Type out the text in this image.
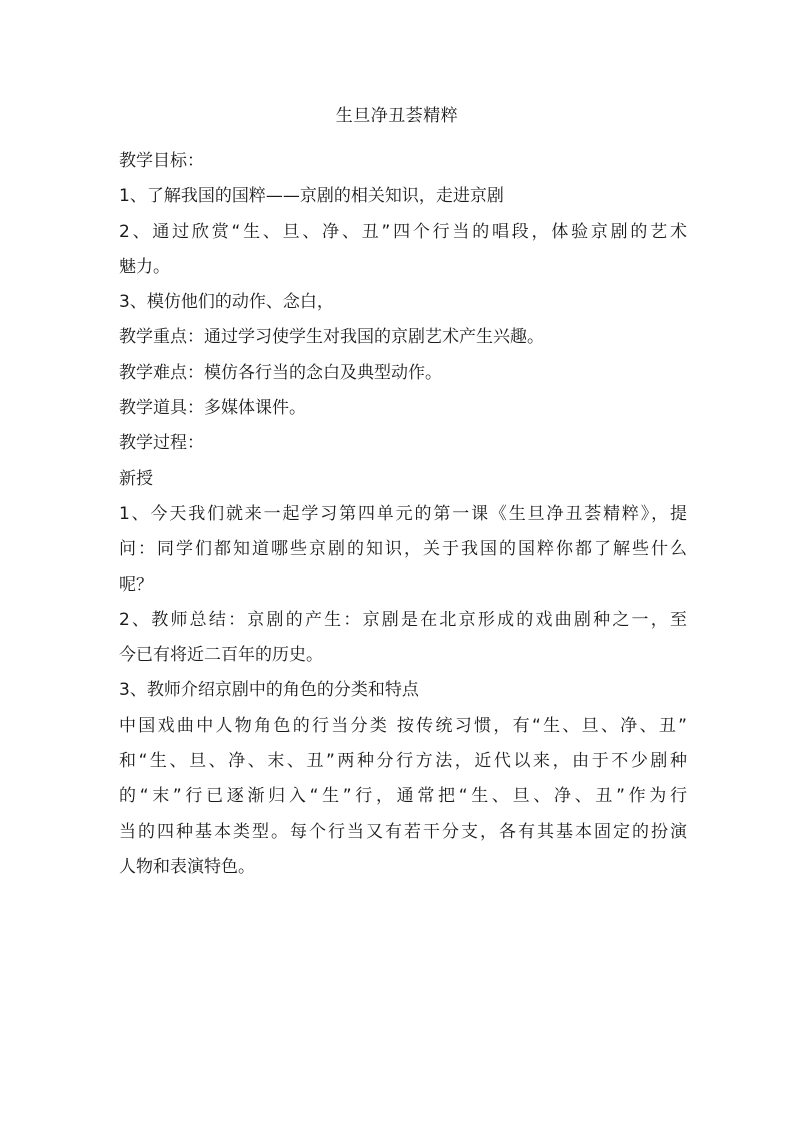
生旦净丑荟精粹
教学目标：
1、了解我国的国粹——京剧的相关知识，走进京剧
2、通过欣赏“生、旦、净、丑”四个行当的唱段，体验京剧的艺术
魅力。
3、模仿他们的动作、念白，
教学重点：通过学习使学生对我国的京剧艺术产生兴趣。
教学难点：模仿各行当的念白及典型动作。
教学道具：多媒体课件。
教学过程：
新授
1、今天我们就来一起学习第四单元的第一课《生旦净丑荟精粹》，提
问：同学们都知道哪些京剧的知识，关于我国的国粹你都了解些什么
呢？
2、教师总结：京剧的产生：京剧是在北京形成的戏曲剧种之一，至
今已有将近二百年的历史。
3、教师介绍京剧中的角色的分类和特点
中国戏曲中人物角色的行当分类 按传统习惯，有“生、旦、净、丑”
和“生、旦、净、末、丑”两种分行方法，近代以来，由于不少剧种
的“末”行已逐渐归入“生”行，通常把“生、旦、净、丑”作为行
当的四种基本类型。每个行当又有若干分支，各有其基本固定的扮演
人物和表演特色。
